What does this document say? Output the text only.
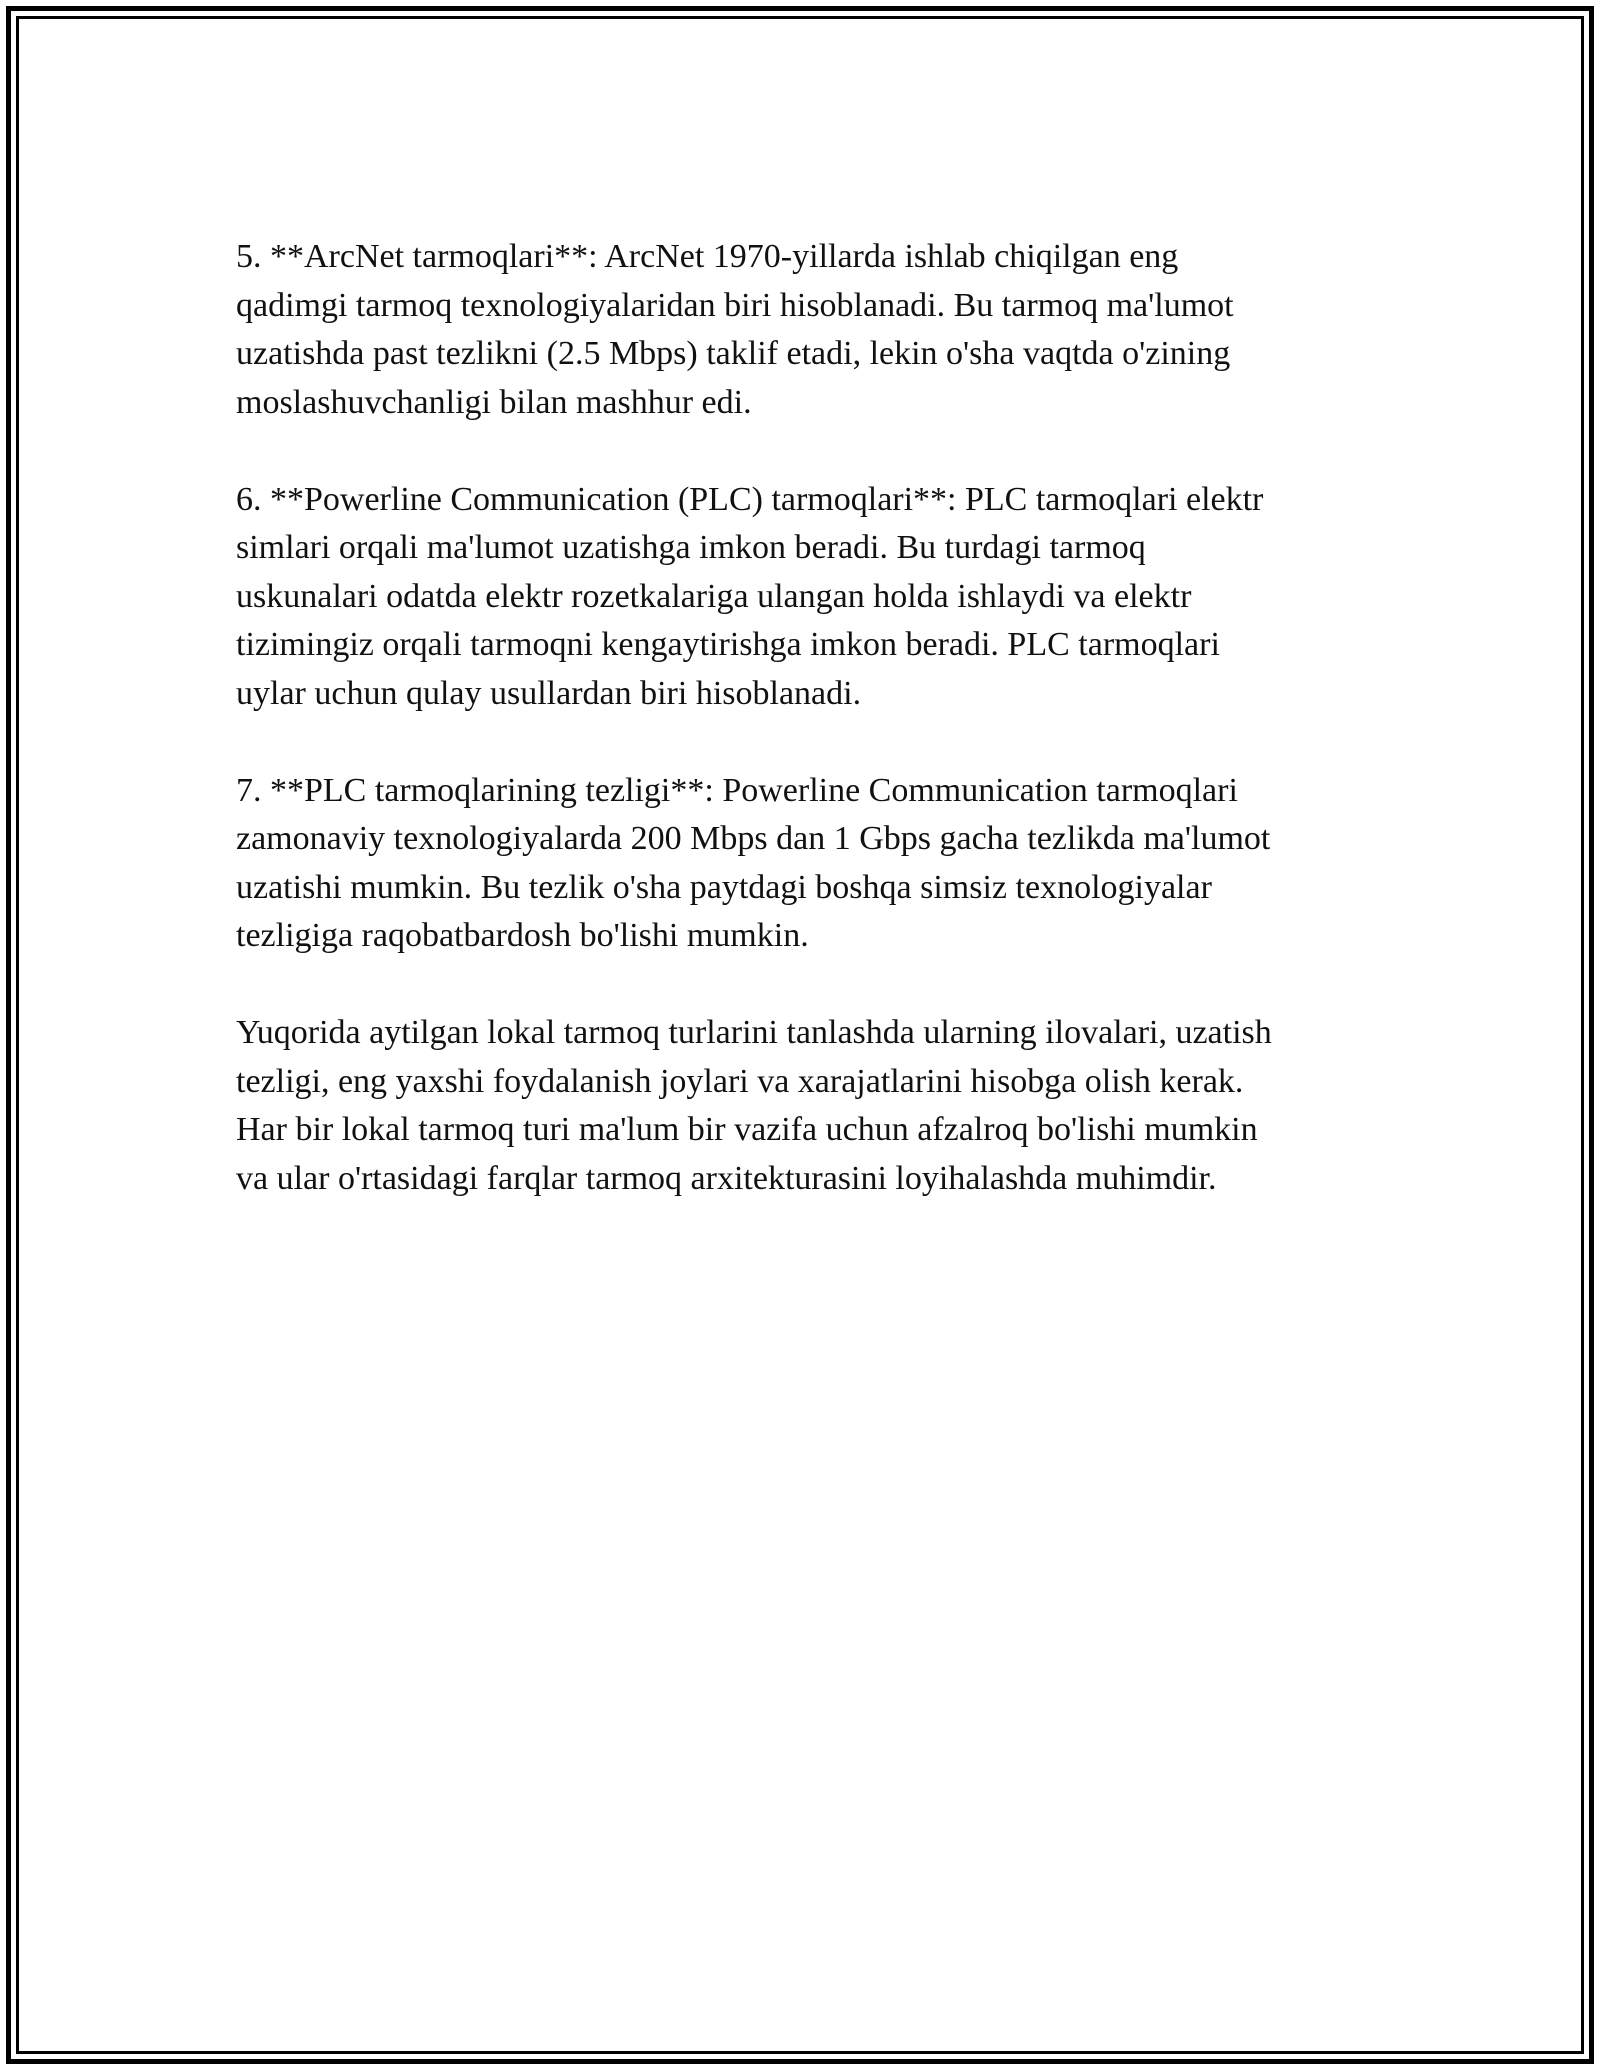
5. **ArcNet tarmoqlari**: ArcNet 1970-yillarda ishlab chiqilgan eng

qadimgi tarmoq texnologiyalaridan biri hisoblanadi. Bu tarmoq ma'lumot

uzatishda past tezlikni (2.5 Mbps) taklif etadi, lekin o'sha vaqtda o'zining

moslashuvchanligi bilan mashhur edi.

6. **Powerline Communication (PLC) tarmoqlari**: PLC tarmoqlari elektr

simlari orqali ma'lumot uzatishga imkon beradi. Bu turdagi tarmoq

uskunalari odatda elektr rozetkalariga ulangan holda ishlaydi va elektr

tizimingiz orqali tarmoqni kengaytirishga imkon beradi. PLC tarmoqlari

uylar uchun qulay usullardan biri hisoblanadi.

7. **PLC tarmoqlarining tezligi**: Powerline Communication tarmoqlari

zamonaviy texnologiyalarda 200 Mbps dan 1 Gbps gacha tezlikda ma'lumot

uzatishi mumkin. Bu tezlik o'sha paytdagi boshqa simsiz texnologiyalar

tezligiga raqobatbardosh bo'lishi mumkin.

Yuqorida aytilgan lokal tarmoq turlarini tanlashda ularning ilovalari, uzatish

tezligi, eng yaxshi foydalanish joylari va xarajatlarini hisobga olish kerak.

Har bir lokal tarmoq turi ma'lum bir vazifa uchun afzalroq bo'lishi mumkin

va ular o'rtasidagi farqlar tarmoq arxitekturasini loyihalashda muhimdir.
